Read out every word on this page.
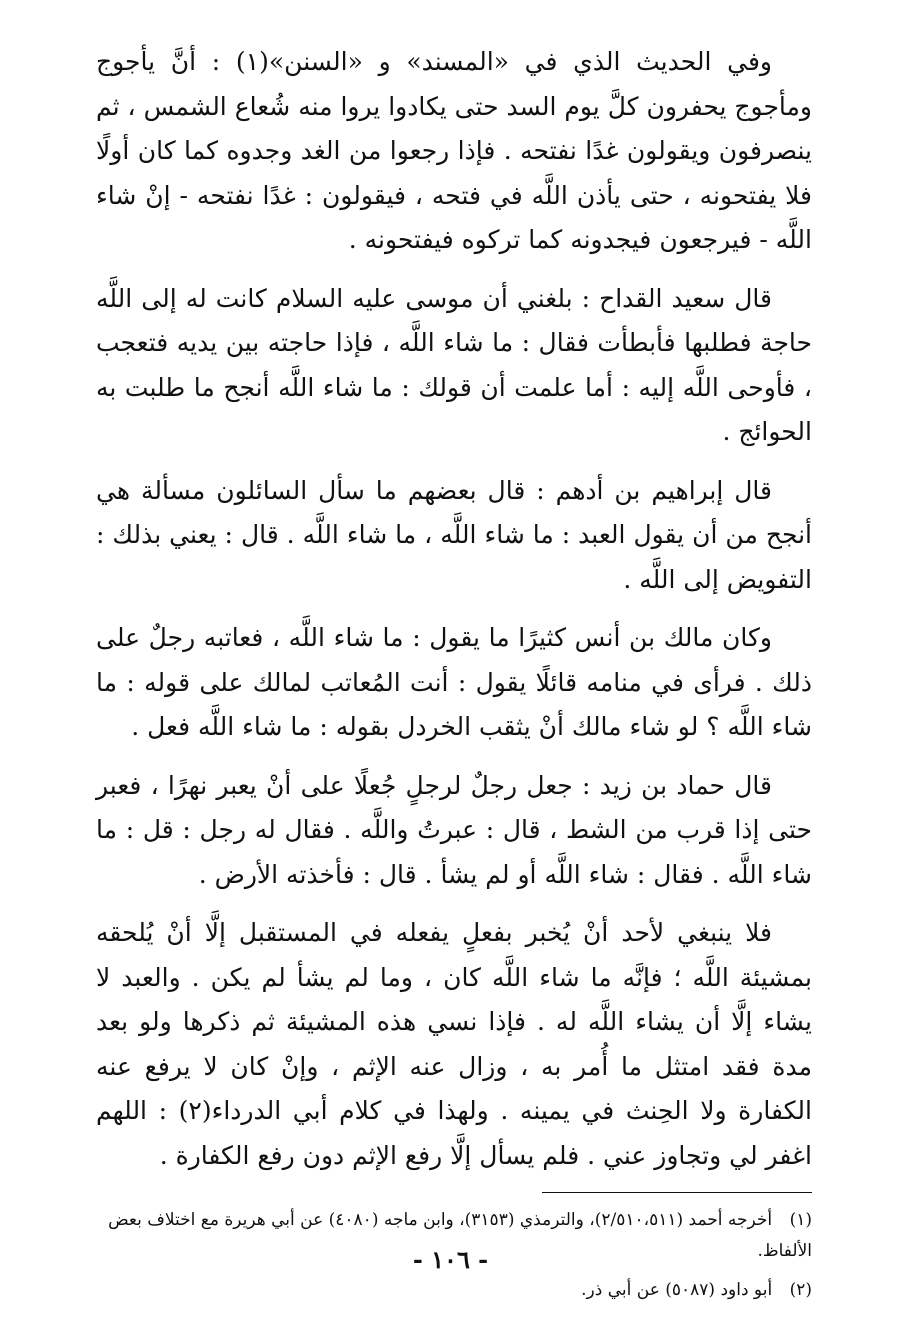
وفي الحديث الذي في «المسند» و «السنن»(١) : أنَّ يأجوج ومأجوج يحفرون كلَّ يوم السد حتى يكادوا يروا منه شُعاع الشمس ، ثم ينصرفون ويقولون غدًا نفتحه . فإذا رجعوا من الغد وجدوه كما كان أولًا فلا يفتحونه ، حتى يأذن اللَّه في فتحه ، فيقولون : غدًا نفتحه - إنْ شاء اللَّه - فيرجعون فيجدونه كما تركوه فيفتحونه .

قال سعيد القداح : بلغني أن موسى عليه السلام كانت له إلى اللَّه حاجة فطلبها فأبطأت فقال : ما شاء اللَّه ، فإذا حاجته بين يديه فتعجب ، فأوحى اللَّه إليه : أما علمت أن قولك : ما شاء اللَّه أنجح ما طلبت به الحوائج .

قال إبراهيم بن أدهم : قال بعضهم ما سأل السائلون مسألة هي أنجح من أن يقول العبد : ما شاء اللَّه ، ما شاء اللَّه . قال : يعني بذلك : التفويض إلى اللَّه .

وكان مالك بن أنس كثيرًا ما يقول : ما شاء اللَّه ، فعاتبه رجلٌ على ذلك . فرأى في منامه قائلًا يقول : أنت المُعاتب لمالك على قوله : ما شاء اللَّه ؟ لو شاء مالك أنْ يثقب الخردل بقوله : ما شاء اللَّه فعل .

قال حماد بن زيد : جعل رجلٌ لرجلٍ جُعلًا على أنْ يعبر نهرًا ، فعبر حتى إذا قرب من الشط ، قال : عبرتُ واللَّه . فقال له رجل : قل : ما شاء اللَّه . فقال : شاء اللَّه أو لم يشأ . قال : فأخذته الأرض .

فلا ينبغي لأحد أنْ يُخبر بفعلٍ يفعله في المستقبل إلَّا أنْ يُلحقه بمشيئة اللَّه ؛ فإنَّه ما شاء اللَّه كان ، وما لم يشأ لم يكن . والعبد لا يشاء إلَّا أن يشاء اللَّه له . فإذا نسي هذه المشيئة ثم ذكرها ولو بعد مدة فقد امتثل ما أُمر به ، وزال عنه الإثم ، وإنْ كان لا يرفع عنه الكفارة ولا الحِنث في يمينه . ولهذا في كلام أبي الدرداء(٢) : اللهم اغفر لي وتجاوز عني . فلم يسأل إلَّا رفع الإثم دون رفع الكفارة .

(١) أخرجه أحمد (٢/٥١٠،٥١١)، والترمذي (٣١٥٣)، وابن ماجه (٤٠٨٠) عن أبي هريرة مع اختلاف بعض الألفاظ.
(٢) أبو داود (٥٠٨٧) عن أبي ذر.
- ١٠٦ -
